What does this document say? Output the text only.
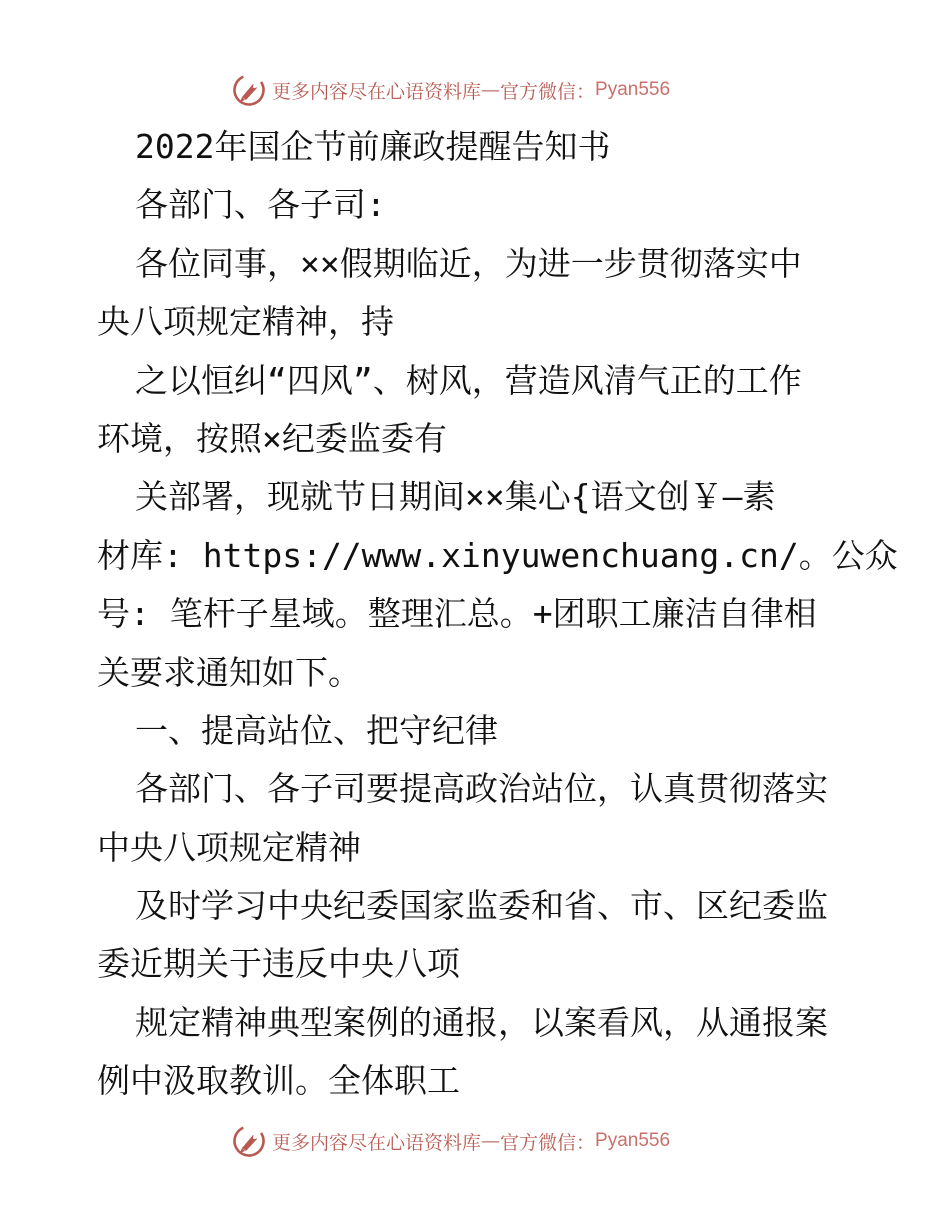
更多内容尽在心语资料库 — 官方微信： Pyan556
2022年国企节前廉政提醒告知书
各部门、各子司:
各位同事，××假期临近，为进一步贯彻落实中
央八项规定精神，持
之以恒纠“四风”、树风，营造风清气正的工作
环境，按照×纪委监委有
关部署，现就节日期间××集心{语文创￥—素
材库: https://www.xinyuwenchuang.cn/。公众
号: 笔杆子星域。整理汇总。+团职工廉洁自律相
关要求通知如下。
一、提高站位、把守纪律
各部门、各子司要提高政治站位，认真贯彻落实
中央八项规定精神
及时学习中央纪委国家监委和省、市、区纪委监
委近期关于违反中央八项
规定精神典型案例的通报，以案看风，从通报案
例中汲取教训。全体职工
更多内容尽在心语资料库 — 官方微信： Pyan556
